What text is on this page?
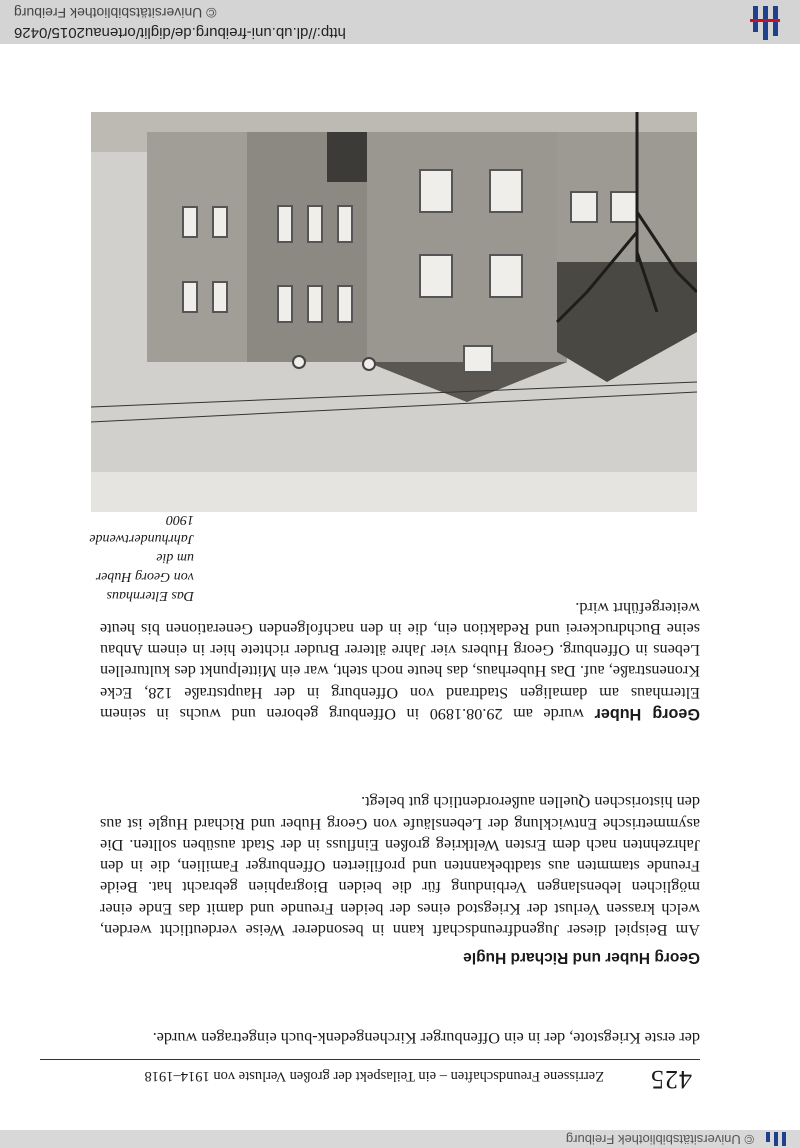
© Universitätsbibliothek Freiburg
425
Zerrissene Freundschaften – ein Teilaspekt der großen Verluste von 1914–1918
der erste Kriegstote, der in ein Offenburger Kirchengedenk-buch eingetragen wurde.
Georg Huber und Richard Hugle
Am Beispiel dieser Jugendfreundschaft kann in besonderer Weise verdeutlicht werden, welch krassen Verlust der Kriegstod eines der beiden Freunde und damit das Ende einer möglichen lebenslangen Verbindung für die beiden Biographien gebracht hat. Beide Freunde stammten aus stadtbekannten und profilierten Offenburger Familien, die in den Jahrzehnten nach dem Ersten Weltkrieg großen Einfluss in der Stadt ausüben sollten. Die asymmetrische Entwicklung der Lebensläufe von Georg Huber und Richard Hugle ist aus den historischen Quellen außerordentlich gut belegt.
Georg Huber wurde am 29.08.1890 in Offenburg geboren und wuchs in seinem Elternhaus am damaligen Stadtrand von Offenburg in der Hauptstraße 128, Ecke Kronenstraße, auf. Das Huberhaus, das heute noch steht, war ein Mittelpunkt des kulturellen Lebens in Offenburg. Georg Hubers vier Jahre älterer Bruder richtete hier in einem Anbau seine Buchdruckerei und Redaktion ein, die in den nachfolgenden Generationen bis heute weitergeführt wird.
Das Elternhaus von Georg Huber um die Jahrhundertwende 1900
http://dl.ub.uni-freiburg.de/diglit/ortenau2015/0426
© Universitätsbibliothek Freiburg
